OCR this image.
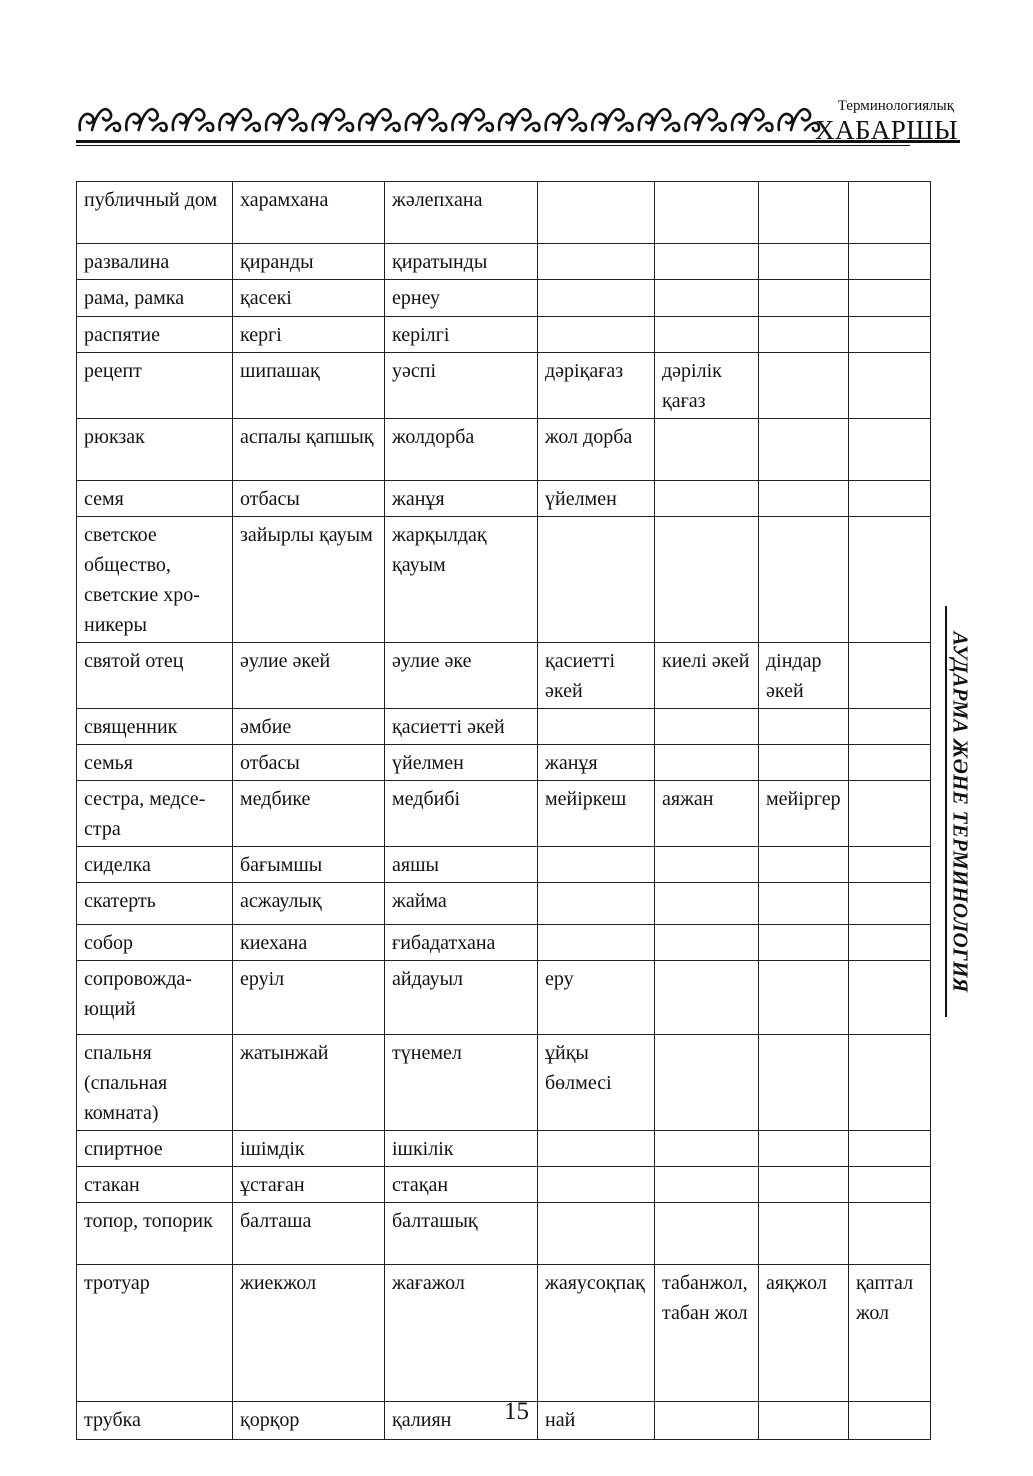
Терминологиялық
ХАБАРШЫ
публичный дом	харамхана	жәлепхана				
развалина	қиранды	қиратынды				
рама, рамка	қасекі	ернеу				
распятие	кергі	керілгі				
рецепт	шипашақ	уәспі	дәріқағаз	дәрілік қағаз		
рюкзак	аспалы қапшық	жолдорба	жол дорба			
семя	отбасы	жанұя	үйелмен			
светское общество, светские хроникеры	зайырлы қауым	жарқылдақ қауым				
святой отец	әулие әкей	әулие әке	қасиетті әкей	киелі әкей	діндар әкей	
священник	әмбие	қасиетті әкей				
семья	отбасы	үйелмен	жанұя			
сестра, медсестра	медбике	медбибі	мейіркеш	аяжан	мейіргер	
сиделка	бағымшы	аяшы				
скатерть	асжаулық	жайма				
собор	киехана	ғибадатхана				
сопровождающий	еруіл	айдауыл	еру			
спальня (спальная комната)	жатынжай	түнемел	ұйқы бөлмесі			
спиртное	ішімдік	ішкілік				
стакан	ұстаған	стақан				
топор, топорик	балташа	балташық				
тротуар	жиекжол	жағажол	жаяусоқпақ	табанжол, табан жол	аяқжол	қаптал жол
трубка	қорқор	қалиян	най			
АУДАРМА ЖӘНЕ ТЕРМИНОЛОГИЯ
15
